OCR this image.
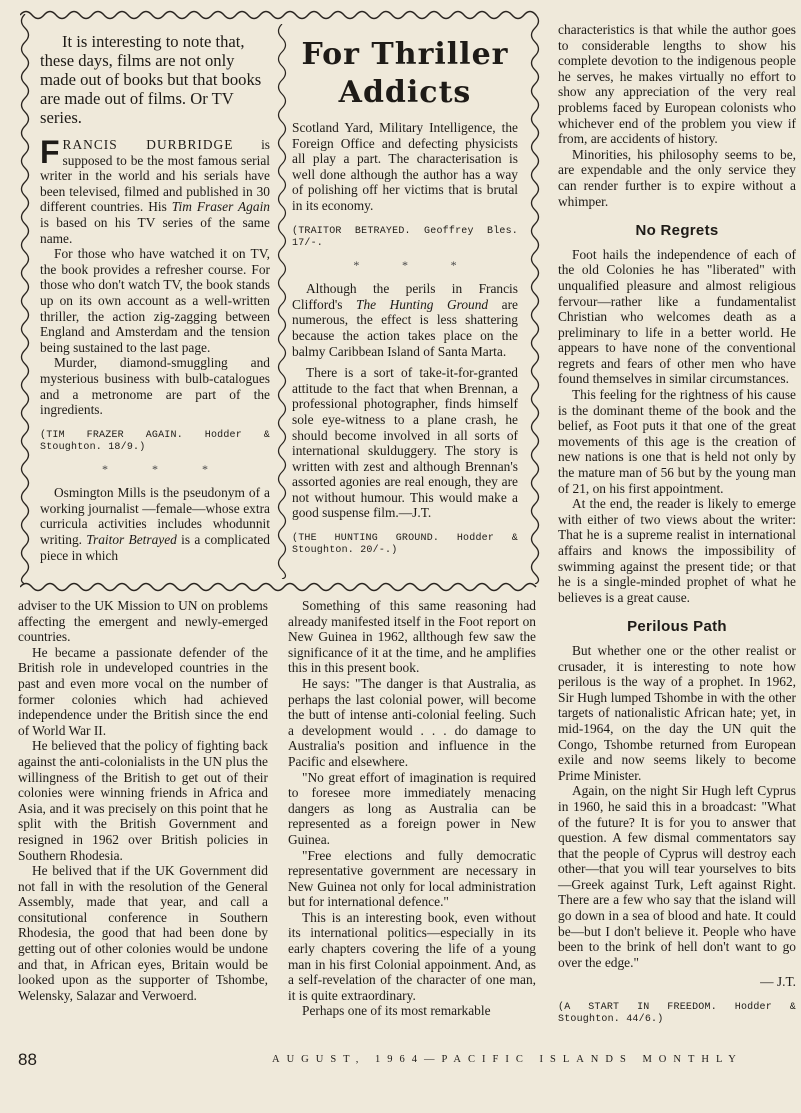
It is interesting to note that, these days, films are not only made out of books but that books are made out of films. Or TV series.

FRANCIS DURBRIDGE is supposed to be the most famous serial writer in the world and his serials have been televised, filmed and published in 30 different countries. His Tim Fraser Again is based on his TV series of the same name.

For those who have watched it on TV, the book provides a refresher course. For those who don't watch TV, the book stands up on its own account as a well-written thriller, the action zig-zagging between England and Amsterdam and the tension being sustained to the last page.

Murder, diamond-smuggling and mysterious business with bulb-catalogues and a metronome are part of the ingredients.

(TIM FRAZER AGAIN. Hodder & Stoughton. 18/9.)

*	*	*

Osmington Mills is the pseudonym of a working journalist —female—whose extra curricula activities includes whodunnit writing. Traitor Betrayed is a complicated piece in which

For Thriller
Addicts

Scotland Yard, Military Intelligence, the Foreign Office and defecting physicists all play a part. The characterisation is well done although the author has a way of polishing off her victims that is brutal in its economy.

(TRAITOR BETRAYED. Geoffrey Bles. 17/-.

*	*	*

Although the perils in Francis Clifford's The Hunting Ground are numerous, the effect is less shattering because the action takes place on the balmy Caribbean Island of Santa Marta.

There is a sort of take-it-for-granted attitude to the fact that when Brennan, a professional photographer, finds himself sole eye-witness to a plane crash, he should become involved in all sorts of international skulduggery. The story is written with zest and although Brennan's assorted agonies are real enough, they are not without humour. This would make a good suspense film.—J.T.

(THE HUNTING GROUND. Hodder & Stoughton. 20/-.)

adviser to the UK Mission to UN on problems affecting the emergent and newly-emerged countries.

He became a passionate defender of the British role in undeveloped countries in the past and even more vocal on the number of former colonies which had achieved independence under the British since the end of World War II.

He believed that the policy of fighting back against the anti-colonialists in the UN plus the willingness of the British to get out of their colonies were winning friends in Africa and Asia, and it was precisely on this point that he split with the British Government and resigned in 1962 over British policies in Southern Rhodesia.

He belived that if the UK Government did not fall in with the resolution of the General Assembly, made that year, and call a consitutional conference in Southern Rhodesia, the good that had been done by getting out of other colonies would be undone and that, in African eyes, Britain would be looked upon as the supporter of Tshombe, Welensky, Salazar and Verwoerd.

Something of this same reasoning had already manifested itself in the Foot report on New Guinea in 1962, allthough few saw the significance of it at the time, and he amplifies this in this present book.

He says: "The danger is that Australia, as perhaps the last colonial power, will become the butt of intense anti-colonial feeling. Such a development would . . . do damage to Australia's position and influence in the Pacific and elsewhere.

"No great effort of imagination is required to foresee more immediately menacing dangers as long as Australia can be represented as a foreign power in New Guinea.

"Free elections and fully democratic representative government are necessary in New Guinea not only for local administration but for international defence."

This is an interesting book, even without its international politics—especially in its early chapters covering the life of a young man in his first Colonial appoinment. And, as a self-revelation of the character of one man, it is quite extraordinary.

Perhaps one of its most remarkable

characteristics is that while the author goes to considerable lengths to show his complete devotion to the indigenous people he serves, he makes virtually no effort to show any appreciation of the very real problems faced by European colonists who whichever end of the problem you view if from, are accidents of history.

Minorities, his philosophy seems to be, are expendable and the only service they can render further is to expire without a whimper.

No Regrets

Foot hails the independence of each of the old Colonies he has "liberated" with unqualified pleasure and almost religious fervour—rather like a fundamentalist Christian who welcomes death as a preliminary to life in a better world. He appears to have none of the conventional regrets and fears of other men who have found themselves in similar circumstances.

This feeling for the rightness of his cause is the dominant theme of the book and the belief, as Foot puts it that one of the great movements of this age is the creation of new nations is one that is held not only by the mature man of 56 but by the young man of 21, on his first appointment.

At the end, the reader is likely to emerge with either of two views about the writer: That he is a supreme realist in international affairs and knows the impossibility of swimming against the present tide; or that he is a single-minded prophet of what he believes is a great cause.

Perilous Path

But whether one or the other realist or crusader, it is interesting to note how perilous is the way of a prophet. In 1962, Sir Hugh lumped Tshombe in with the other targets of nationalistic African hate; yet, in mid-1964, on the day the UN quit the Congo, Tshombe returned from European exile and now seems likely to become Prime Minister.

Again, on the night Sir Hugh left Cyprus in 1960, he said this in a broadcast: "What of the future? It is for you to answer that question. A few dismal commentators say that the people of Cyprus will destroy each other—that you will tear yourselves to bits—Greek against Turk, Left against Right. There are a few who say that the island will go down in a sea of blood and hate. It could be—but I don't believe it. People who have been to the brink of hell don't want to go over the edge."

— J.T.

(A START IN FREEDOM. Hodder & Stoughton. 44/6.)

88	AUGUST, 1964—PACIFIC ISLANDS MONTHLY
